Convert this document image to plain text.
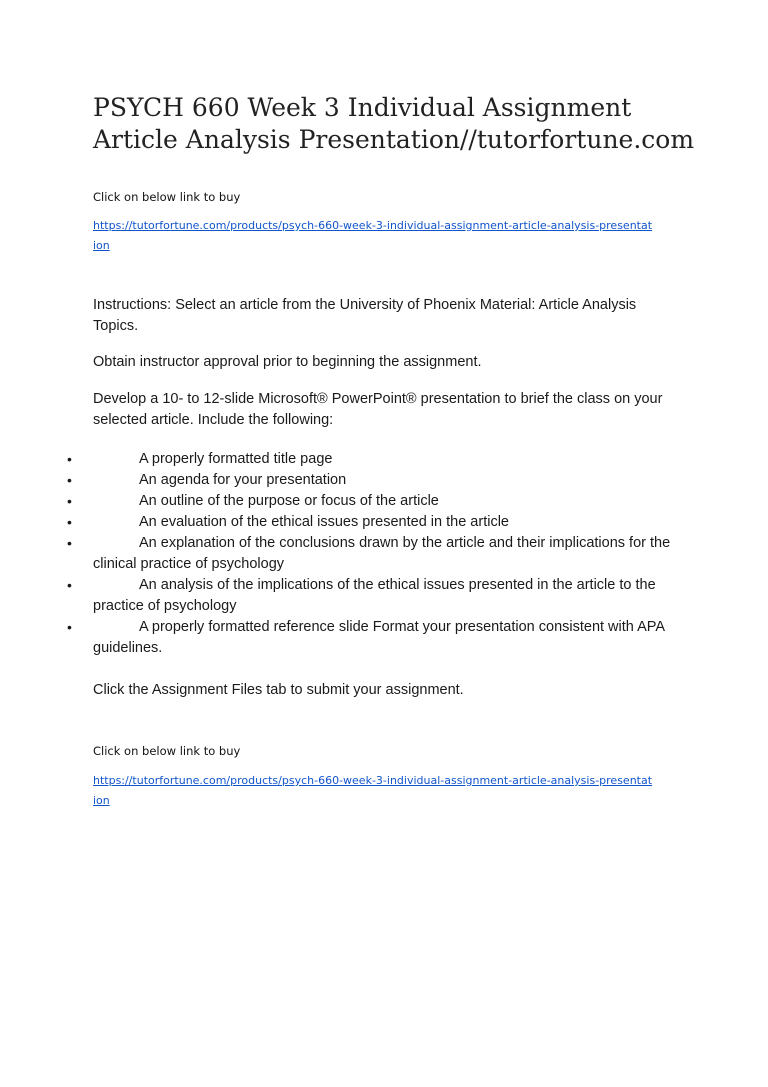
PSYCH 660 Week 3 Individual Assignment
Article Analysis Presentation//tutorfortune.com

Click on below link to buy

https://tutorfortune.com/products/psych-660-week-3-individual-assignment-article-analysis-presentation

Instructions: Select an article from the University of Phoenix Material: Article Analysis Topics.

Obtain instructor approval prior to beginning the assignment.

Develop a 10- to 12-slide Microsoft® PowerPoint® presentation to brief the class on your selected article. Include the following:

•	A properly formatted title page
•	An agenda for your presentation
•	An outline of the purpose or focus of the article
•	An evaluation of the ethical issues presented in the article
•	An explanation of the conclusions drawn by the article and their implications for the clinical practice of psychology
•	An analysis of the implications of the ethical issues presented in the article to the practice of psychology
•	A properly formatted reference slide Format your presentation consistent with APA guidelines.

Click the Assignment Files tab to submit your assignment.

Click on below link to buy

https://tutorfortune.com/products/psych-660-week-3-individual-assignment-article-analysis-presentation
